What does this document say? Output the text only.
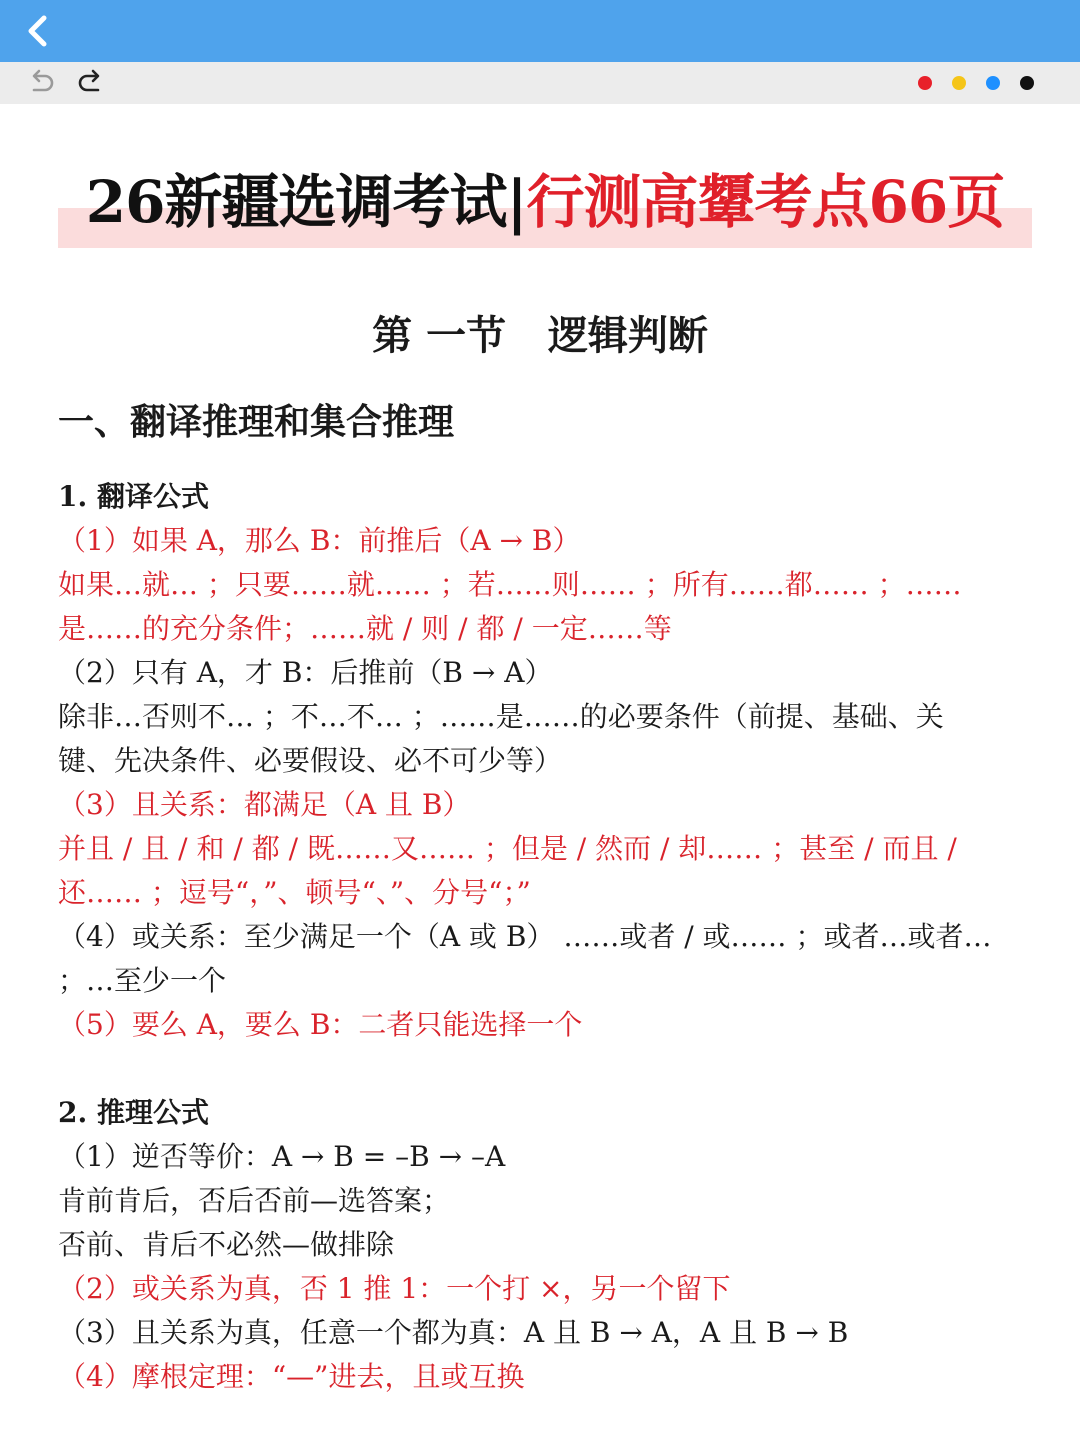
26新疆选调考试|行测高顰考点66页
第 一节   逻辑判断
一、翻译推理和集合推理
1. 翻译公式
（1）如果 A，那么 B：前推后（A → B）
如果…就… ；只要……就…… ；若……则…… ；所有……都…… ；……
是……的充分条件；……就 / 则 / 都 / 一定……等
（2）只有 A，才 B：后推前（B → A）
除非…否则不… ；不…不… ；……是……的必要条件（前提、基础、关
键、先决条件、必要假设、必不可少等）
（3）且关系：都满足（A 且 B）
并且 / 且 / 和 / 都 / 既……又…… ；但是 / 然而 / 却…… ；甚至 / 而且 /
还…… ；逗号“，”、顿号“、”、分号“；”
（4）或关系：至少满足一个（A 或 B） ……或者 / 或…… ；或者…或者…
；…至少一个
（5）要么 A，要么 B：二者只能选择一个
2. 推理公式
（1）逆否等价：A → B = –B → –A
肯前肯后，否后否前—选答案；
否前、肯后不必然—做排除
（2）或关系为真，否 1 推 1：一个打 ×，另一个留下
（3）且关系为真，任意一个都为真：A 且 B → A，A 且 B → B
（4）摩根定理：“—”进去，且或互换
